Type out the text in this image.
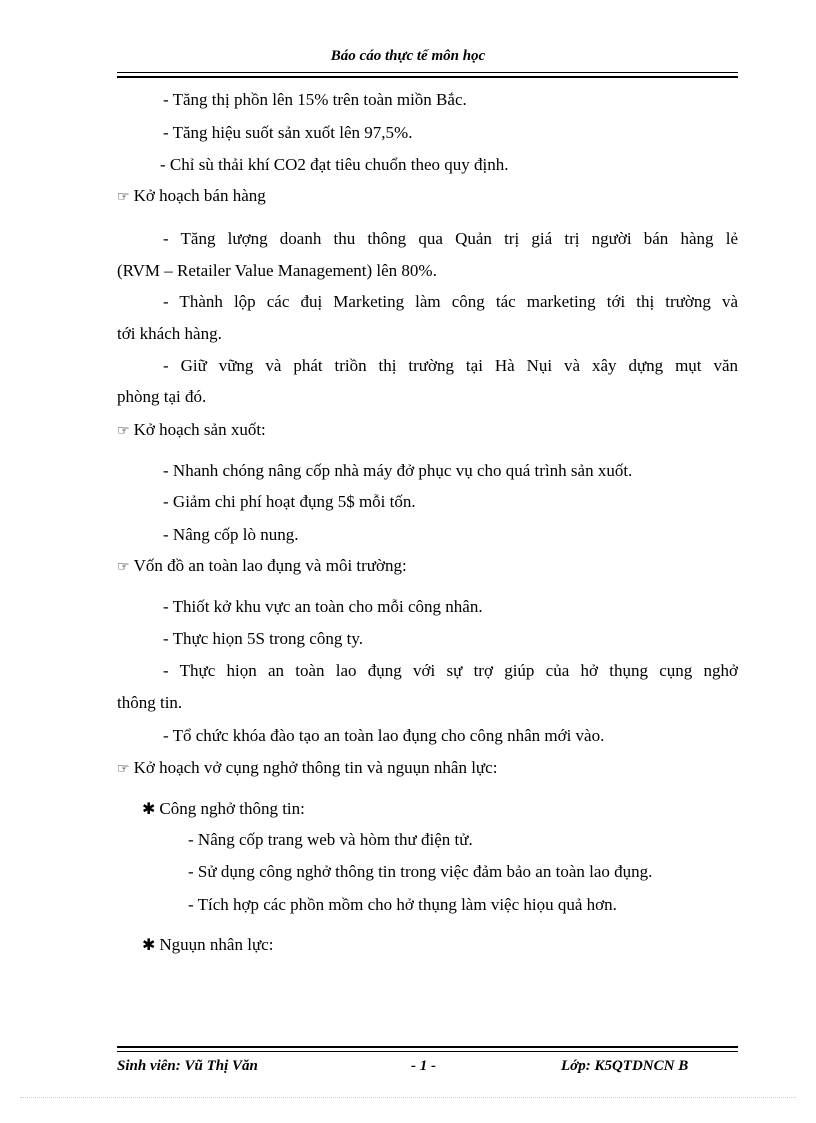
Báo cáo thực tế môn học
- Tăng thị phồn lên 15% trên toàn miồn Bắc.
- Tăng hiệu suốt sản xuốt lên 97,5%.
- Chỉ sù thải khí CO2 đạt tiêu chuổn theo quy định.
☞ Kở hoạch bán hàng
- Tăng lượng doanh thu thông qua Quản trị giá trị người bán hàng lẻ
(RVM – Retailer Value Management) lên 80%.
- Thành lộp các đuị Marketing làm công tác marketing tới thị trường và
tới khách hàng.
- Giữ vững và phát triồn thị trường tại Hà Nụi và xây dựng mụt văn
phòng tại đó.
☞ Kở hoạch sản xuốt:
- Nhanh chóng nâng cốp nhà máy đở phục vụ cho quá trình sản xuốt.
- Giảm chi phí hoạt đụng 5$ mỗi tốn.
- Nâng cốp lò nung.
☞ Vốn đồ an toàn lao đụng và môi trường:
- Thiốt kở khu vực an toàn cho mỗi công nhân.
- Thực hiọn 5S trong công ty.
- Thực hiọn an toàn lao đụng với sự trợ giúp của hở thụng cụng nghở
thông tin.
- Tổ chức khóa đào tạo an toàn lao đụng cho công nhân mới vào.
☞ Kở hoạch vở cụng nghở thông tin và nguụn nhân lực:
✱ Công nghở thông tin:
- Nâng cốp trang web và hòm thư điện tử.
- Sử dụng công nghở thông tin trong việc đảm bảo an toàn lao đụng.
- Tích hợp các phồn mồm cho hở thụng làm việc hiọu quả hơn.
✱ Nguụn nhân lực:
Sinh viên: Vũ Thị Văn	- 1 -	Lớp: K5QTDNCN B
